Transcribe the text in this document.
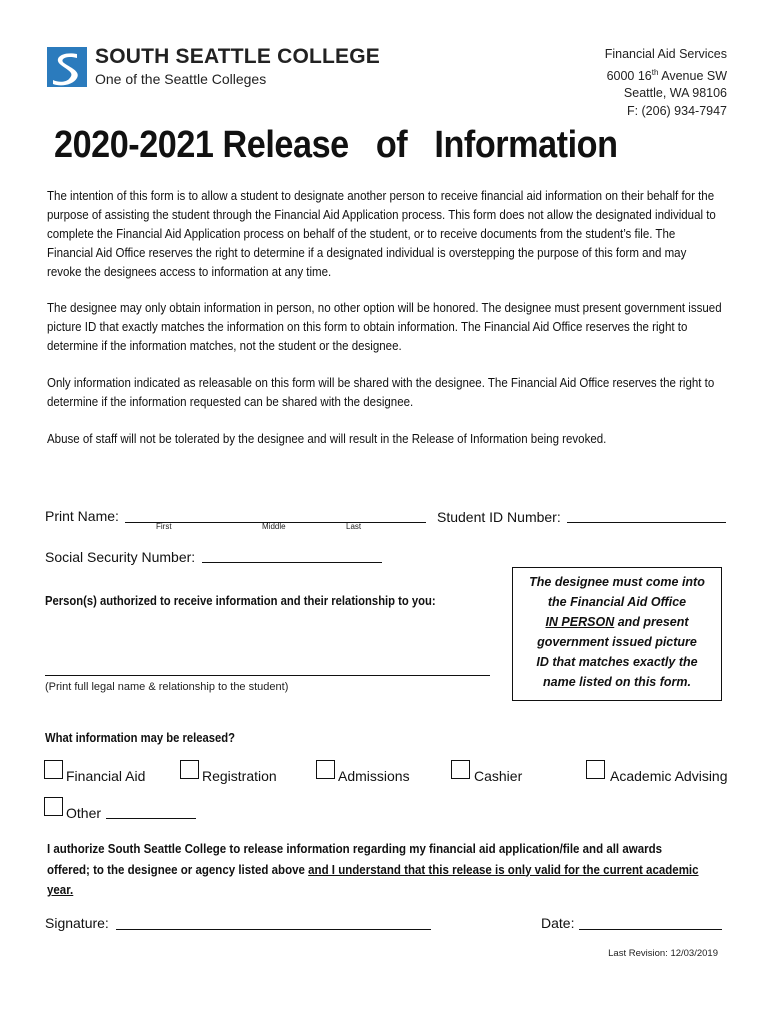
SOUTH SEATTLE COLLEGE
One of the Seattle Colleges
Financial Aid Services
6000 16th Avenue SW
Seattle, WA 98106
F: (206) 934-7947
2020-2021 Release   of   Information
The intention of this form is to allow a student to designate another person to receive financial aid information on their behalf for the purpose of assisting the student through the Financial Aid Application process. This form does not allow the designated individual to complete the Financial Aid Application process on behalf of the student, or to receive documents from the student’s file. The Financial Aid Office reserves the right to determine if a designated individual is overstepping the purpose of this form and may revoke the designees access to information at any time.
The designee may only obtain information in person, no other option will be honored. The designee must present government issued picture ID that exactly matches the information on this form to obtain information. The Financial Aid Office reserves the right to determine if the information matches, not the student or the designee.
Only information indicated as releasable on this form will be shared with the designee. The Financial Aid Office reserves the right to determine if the information requested can be shared with the designee.
Abuse of staff will not be tolerated by the designee and will result in the Release of Information being revoked.
Print Name:
First	Middle	Last
Student ID Number:
Social Security Number:
Person(s) authorized to receive information and their relationship to you:
(Print full legal name & relationship to the student)
The designee must come into
the Financial Aid Office
IN PERSON and present
government issued picture
ID that matches exactly the
name listed on this form.
What information may be released?
Financial Aid	Registration	Admissions	Cashier	Academic Advising
Other
I authorize South Seattle College to release information regarding my financial aid application/file and all awards offered; to the designee or agency listed above and I understand that this release is only valid for the current academic year.
Signature:	Date:
Last Revision: 12/03/2019
